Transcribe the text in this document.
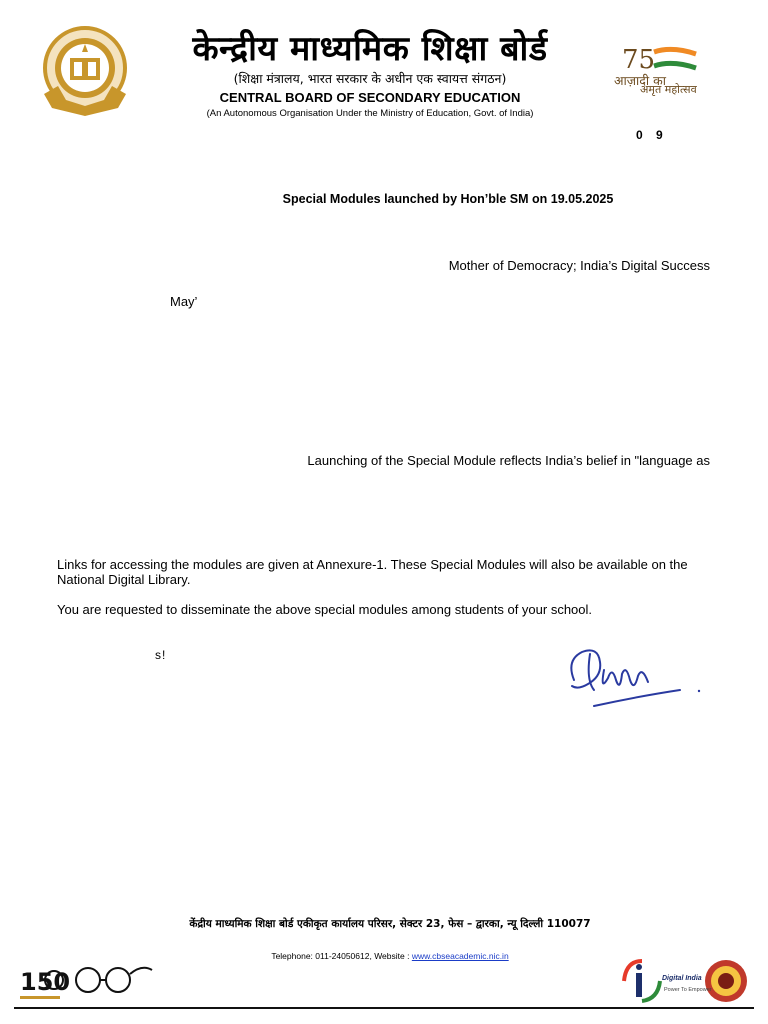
केन्द्रीय माध्यमिक शिक्षा बोर्ड
(शिक्षा मंत्रालय, भारत सरकार के अधीन एक स्वायत्त संगठन)
CENTRAL BOARD OF SECONDARY EDUCATION
(An Autonomous Organisation Under the Ministry of Education, Govt. of India)
75
आज़ादी का
अमृत महोत्सव
0 9
Special Modules launched by Hon’ble SM on 19.05.2025
Mother of Democracy; India’s Digital Success
May’
Launching of the Special Module reflects India’s belief in "language as
Links for accessing the modules are given at Annexure-1. These Special Modules will also be available on the National Digital Library.
You are requested to disseminate the above special modules among students of your school.
s!
केंद्रीय माध्यमिक शिक्षा बोर्ड एकीकृत कार्यालय परिसर, सेक्टर 23, फेस – द्वारका, न्यू दिल्ली 110077
Telephone: 011-24050612, Website : www.cbseacademic.nic.in
150	Digital India
Power To Empower
